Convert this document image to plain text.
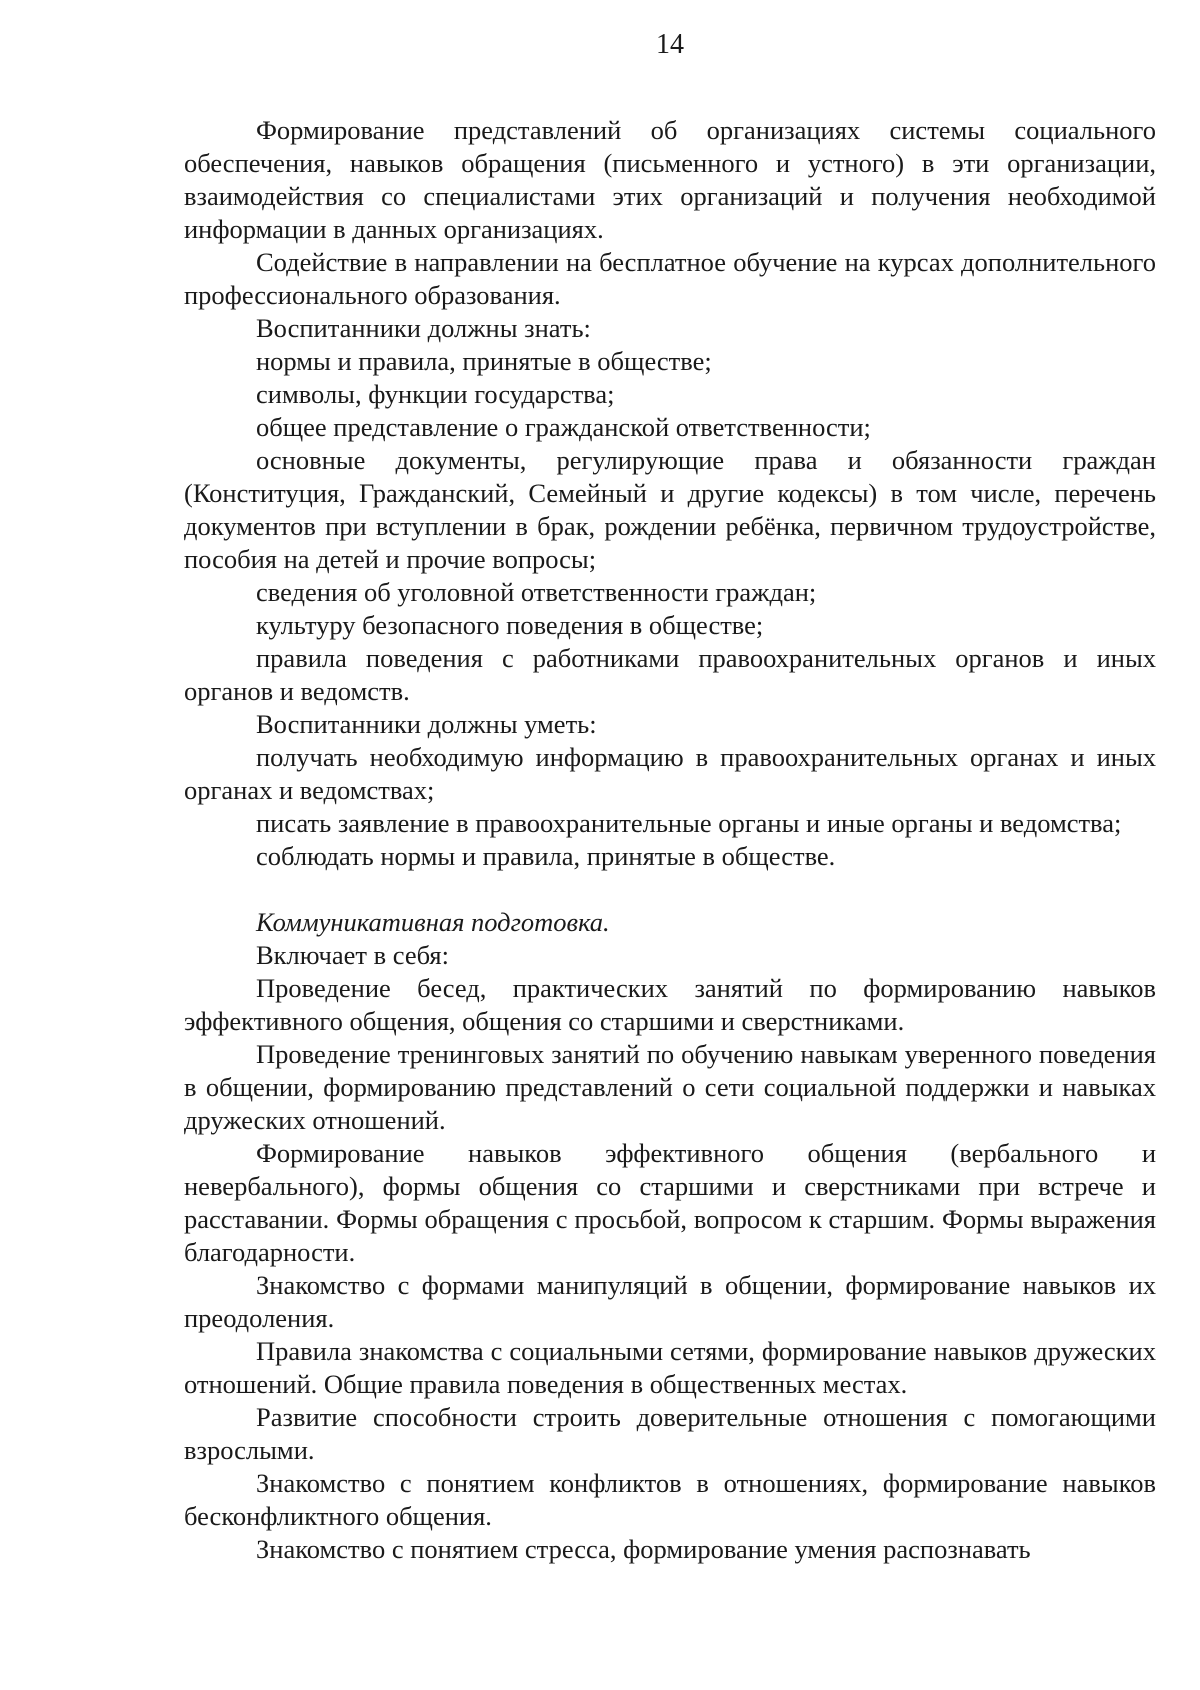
14

Формирование представлений об организациях системы социального обеспечения, навыков обращения (письменного и устного) в эти организации, взаимодействия со специалистами этих организаций и получения необходимой информации в данных организациях.

Содействие в направлении на бесплатное обучение на курсах дополнительного профессионального образования.

Воспитанники должны знать:

нормы и правила, принятые в обществе;

символы, функции государства;

общее представление о гражданской ответственности;

основные документы, регулирующие права и обязанности граждан (Конституция, Гражданский, Семейный и другие кодексы) в том числе, перечень документов при вступлении в брак, рождении ребёнка, первичном трудоустройстве, пособия на детей и прочие вопросы;

сведения об уголовной ответственности граждан;

культуру безопасного поведения в обществе;

правила поведения с работниками правоохранительных органов и иных органов и ведомств.

Воспитанники должны уметь:

получать необходимую информацию в правоохранительных органах и иных органах и ведомствах;

писать заявление в правоохранительные органы и иные органы и ведомства;

соблюдать нормы и правила, принятые в обществе.

Коммуникативная подготовка.

Включает в себя:

Проведение бесед, практических занятий по формированию навыков эффективного общения, общения со старшими и сверстниками.

Проведение тренинговых занятий по обучению навыкам уверенного поведения в общении, формированию представлений о сети социальной поддержки и навыках дружеских отношений.

Формирование навыков эффективного общения (вербального и невербального), формы общения со старшими и сверстниками при встрече и расставании. Формы обращения с просьбой, вопросом к старшим. Формы выражения благодарности.

Знакомство с формами манипуляций в общении, формирование навыков их преодоления.

Правила знакомства с социальными сетями, формирование навыков дружеских отношений. Общие правила поведения в общественных местах.

Развитие способности строить доверительные отношения с помогающими взрослыми.

Знакомство с понятием конфликтов в отношениях, формирование навыков бесконфликтного общения.

Знакомство с понятием стресса, формирование умения распознавать
